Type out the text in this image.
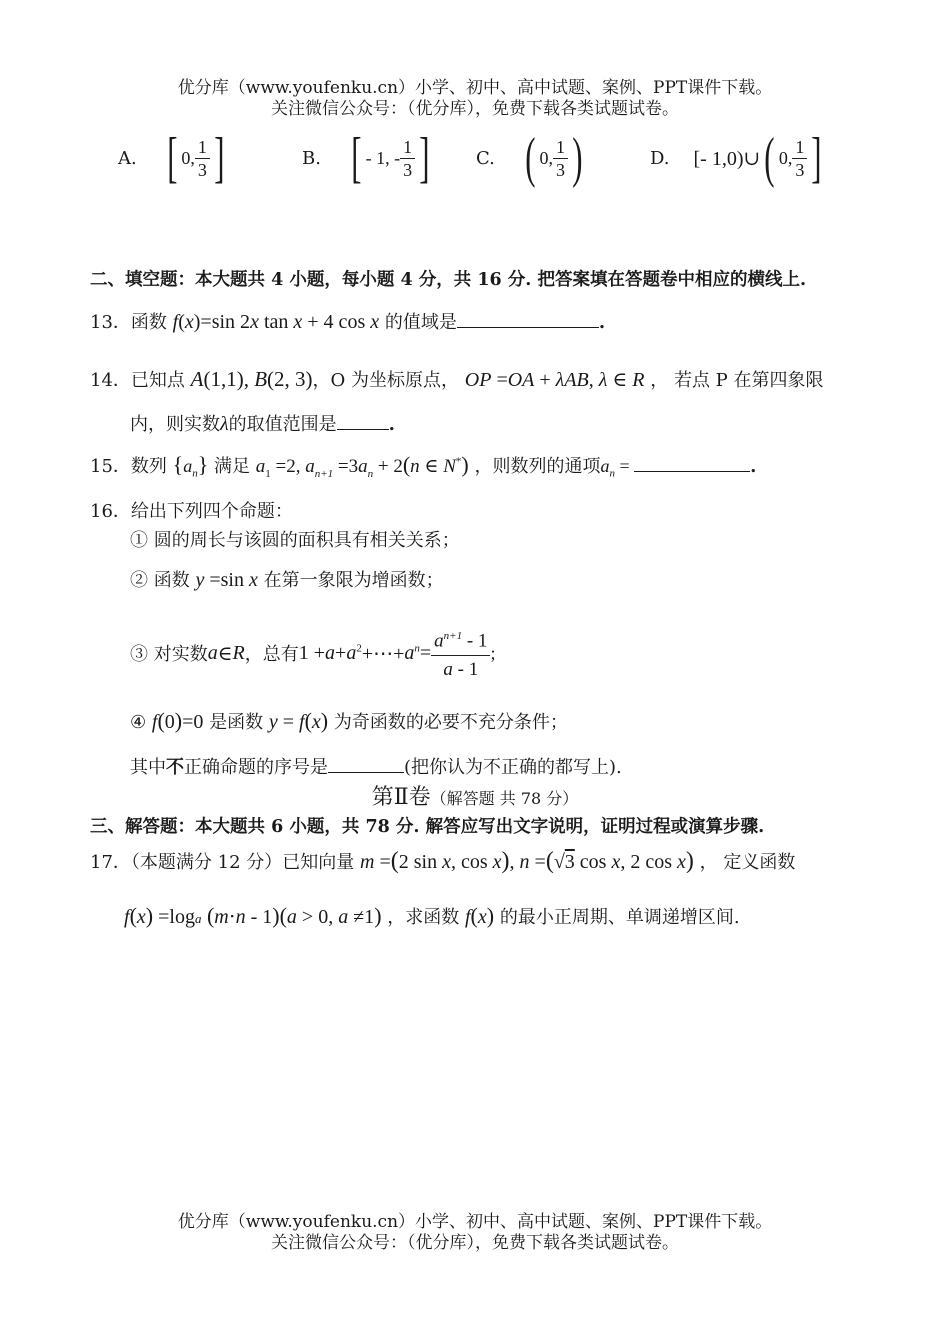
优分库（www.youfenku.cn）小学、初中、高中试题、案例、PPT课件下载。
关注微信公众号：（优分库），免费下载各类试题试卷。
A. [ 0, $\frac{1}{3}$ ]	B. [ - 1, - $\frac{1}{3}$ ]	C. ( 0, $\frac{1}{3}$ )	D. [- 1,0)∪ ( 0, $\frac{1}{3}$ ]
二、填空题：本大题共 4 小题，每小题 4 分，共 16 分. 把答案填在答题卷中相应的横线上.
13．函数 f(x)=sin 2x tan x + 4 cos x 的值域是	.
14．已知点 A(1,1), B(2, 3)，O 为坐标原点， OP =OA + λAB, λ ∈ R ， 若点 P 在第四象限
内，则实数λ的取值范围是	.
15．数列 $\{a_n\}$ 满足 $a_1 =2$, $a_{n+1} =3a_n + 2(n$ ∈ N*) ，则数列的通项$a_n$ =	.
16．给出下列四个命题：
① 圆的周长与该圆的面积具有相关关系；
② 函数 y =sin x 在第一象限为增函数；
③ 对实数 a ∈ R ，总有 $1 + a + a^2$ +⋯+ $a^n = \frac{a^{n+1} - 1}{a - 1}$ ;
④ f(0)=0 是函数 y = f(x) 为奇函数的必要不充分条件；
其中不正确命题的序号是	(把你认为不正确的都写上).
第Ⅱ卷（解答题 共 78 分）
三、解答题：本大题共 6 小题，共 78 分. 解答应写出文字说明，证明过程或演算步骤.
17．（本题满分 12 分）已知向量 m =(2 sin x, cos x), n =(√3 cos x, 2 cos x) ， 定义函数
f(x) =loga (m⋅n - 1)(a > 0, a ≠1) ，求函数 f(x) 的最小正周期、单调递增区间.
优分库（www.youfenku.cn）小学、初中、高中试题、案例、PPT课件下载。
关注微信公众号：（优分库），免费下载各类试题试卷。
